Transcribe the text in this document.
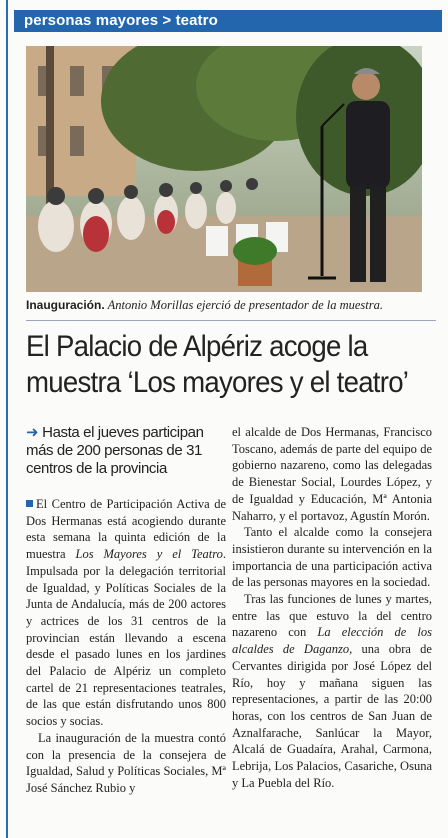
personas mayores > teatro
Inauguración. Antonio Morillas ejerció de presentador de la muestra.
El Palacio de Alpériz acoge la
muestra ‘Los mayores y el teatro’
➜ Hasta el jueves participan más de 200 personas de 31 centros de la provincia

El Centro de Participación Activa de Dos Hermanas está acogiendo durante esta semana la quinta edición de la muestra Los Mayores y el Teatro. Impulsada por la delegación territorial de Igualdad, y Políticas Sociales de la Junta de Andalucía, más de 200 actores y actrices de los 31 centros de la provincian están llevando a escena desde el pasado lunes en los jardines del Palacio de Alpériz un completo cartel de 21 representaciones teatrales, de las que están disfrutando unos 800 socios y socias.

La inauguración de la muestra contó con la presencia de la consejera de Igualdad, Salud y Políticas Sociales, Mª José Sánchez Rubio y

el alcalde de Dos Hermanas, Francisco Toscano, además de parte del equipo de gobierno nazareno, como las delegadas de Bienestar Social, Lourdes López, y de Igualdad y Educación, Mª Antonia Naharro, y el portavoz, Agustín Morón.

Tanto el alcalde como la consejera insistieron durante su intervención en la importancia de una participación activa de las personas mayores en la sociedad.

Tras las funciones de lunes y martes, entre las que estuvo la del centro nazareno con La elección de los alcaldes de Daganzo, una obra de Cervantes dirigida por José López del Río, hoy y mañana siguen las representaciones, a partir de las 20:00 horas, con los centros de San Juan de Aznalfarache, Sanlúcar la Mayor, Alcalá de Guadaíra, Arahal, Carmona, Lebrija, Los Palacios, Casariche, Osuna y La Puebla del Río.
